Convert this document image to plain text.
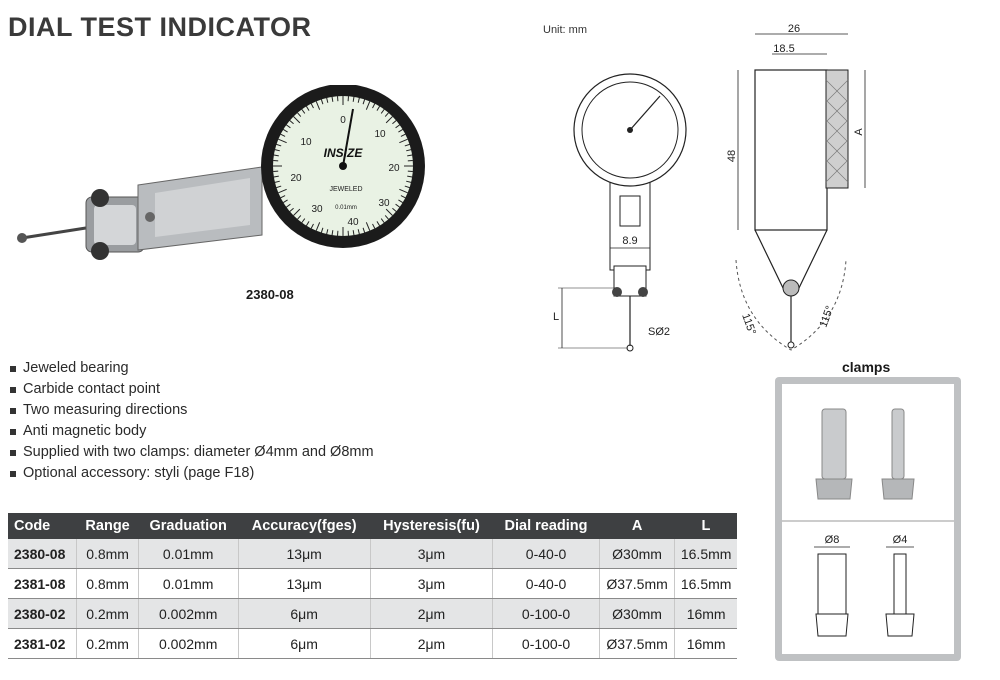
DIAL TEST INDICATOR	Unit: mm
0
10
20
30
40
10
20
30
INSIZE
JEWELED
0.01mm
2380-08
8.9
L
SØ2	115°	115°
26
18.5
48
A
Jeweled bearing
Carbide contact point
Two measuring directions
Anti magnetic body
Supplied with two clamps: diameter Ø4mm and Ø8mm
Optional accessory: styli (page F18)
clamps
Ø8	Ø4
Code	Range	Graduation	Accuracy(fges)	Hysteresis(fu)	Dial reading	A	L
2380-08	0.8mm	0.01mm	13μm	3μm	0-40-0	Ø30mm	16.5mm
2381-08	0.8mm	0.01mm	13μm	3μm	0-40-0	Ø37.5mm	16.5mm
2380-02	0.2mm	0.002mm	6μm	2μm	0-100-0	Ø30mm	16mm
2381-02	0.2mm	0.002mm	6μm	2μm	0-100-0	Ø37.5mm	16mm
